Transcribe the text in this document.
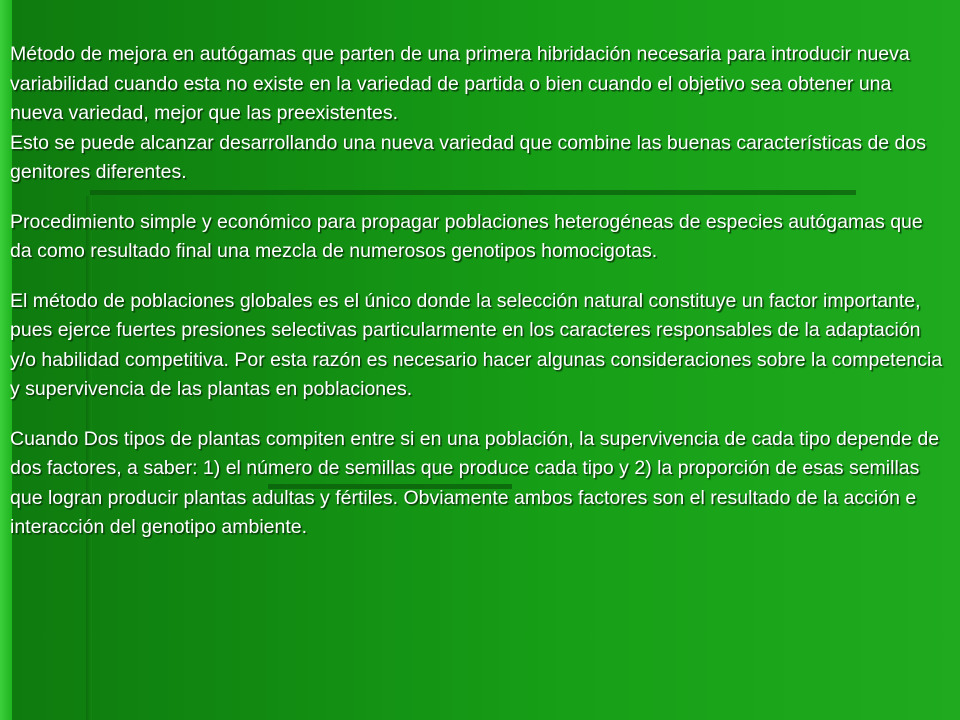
Método de mejora en autógamas que parten de una primera hibridación necesaria para introducir nueva variabilidad cuando esta no existe en la variedad de partida o bien cuando el objetivo sea obtener una nueva variedad, mejor que las preexistentes.

Esto se puede alcanzar desarrollando una nueva variedad que combine las buenas características de dos genitores diferentes.

Procedimiento simple y económico para propagar poblaciones heterogéneas de especies autógamas que da como resultado final una mezcla de numerosos genotipos homocigotas.

El método de poblaciones globales es el único donde la selección natural constituye un factor importante, pues ejerce fuertes presiones selectivas particularmente en los caracteres responsables de la adaptación y/o habilidad competitiva. Por esta razón es necesario hacer algunas consideraciones sobre la competencia y supervivencia de las plantas en poblaciones.

Cuando Dos tipos de plantas compiten entre si en una población, la supervivencia de cada tipo depende de dos factores, a saber: 1) el número de semillas que produce cada tipo y 2) la proporción de esas semillas que logran producir plantas adultas y fértiles. Obviamente ambos factores son el resultado de la acción e interacción del genotipo ambiente.
